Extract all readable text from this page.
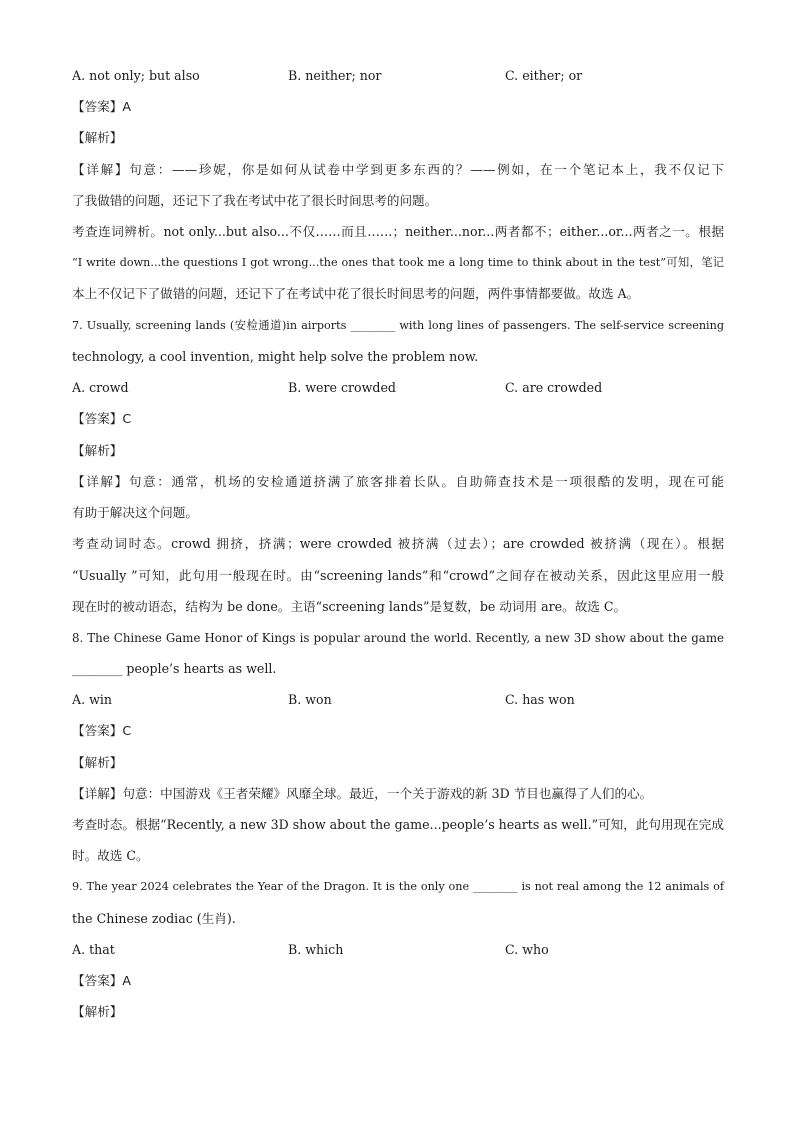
A. not only; but also	B. neither; nor	C. either; or
【答案】A
【解析】
【详解】句意：——珍妮，你是如何从试卷中学到更多东西的？——例如，在一个笔记本上，我不仅记下
了我做错的问题，还记下了我在考试中花了很长时间思考的问题。
考查连词辨析。not only...but also...不仅……而且……；neither...nor...两者都不；either...or...两者之一。根据
“I write down...the questions I got wrong...the ones that took me a long time to think about in the test”可知，笔记
本上不仅记下了做错的问题，还记下了在考试中花了很长时间思考的问题，两件事情都要做。故选 A。
7. Usually, screening lands (安检通道)in airports ________ with long lines of passengers. The self-service screening
technology, a cool invention, might help solve the problem now.
A. crowd	B. were crowded	C. are crowded
【答案】C
【解析】
【详解】句意：通常，机场的安检通道挤满了旅客排着长队。自助筛查技术是一项很酷的发明，现在可能
有助于解决这个问题。
考查动词时态。crowd 拥挤，挤满；were crowded 被挤满（过去）；are crowded 被挤满（现在）。根据
“Usually ”可知，此句用一般现在时。由“screening lands”和“crowd”之间存在被动关系，因此这里应用一般
现在时的被动语态，结构为 be done。主语“screening lands”是复数，be 动词用 are。故选 C。
8. The Chinese Game Honor of Kings is popular around the world. Recently, a new 3D show about the game
________ people’s hearts as well.
A. win	B. won	C. has won
【答案】C
【解析】
【详解】句意：中国游戏《王者荣耀》风靡全球。最近，一个关于游戏的新 3D 节目也赢得了人们的心。
考查时态。根据“Recently, a new 3D show about the game...people’s hearts as well.”可知，此句用现在完成
时。故选 C。
9. The year 2024 celebrates the Year of the Dragon. It is the only one ________ is not real among the 12 animals of
the Chinese zodiac (生肖).
A. that	B. which	C. who
【答案】A
【解析】
